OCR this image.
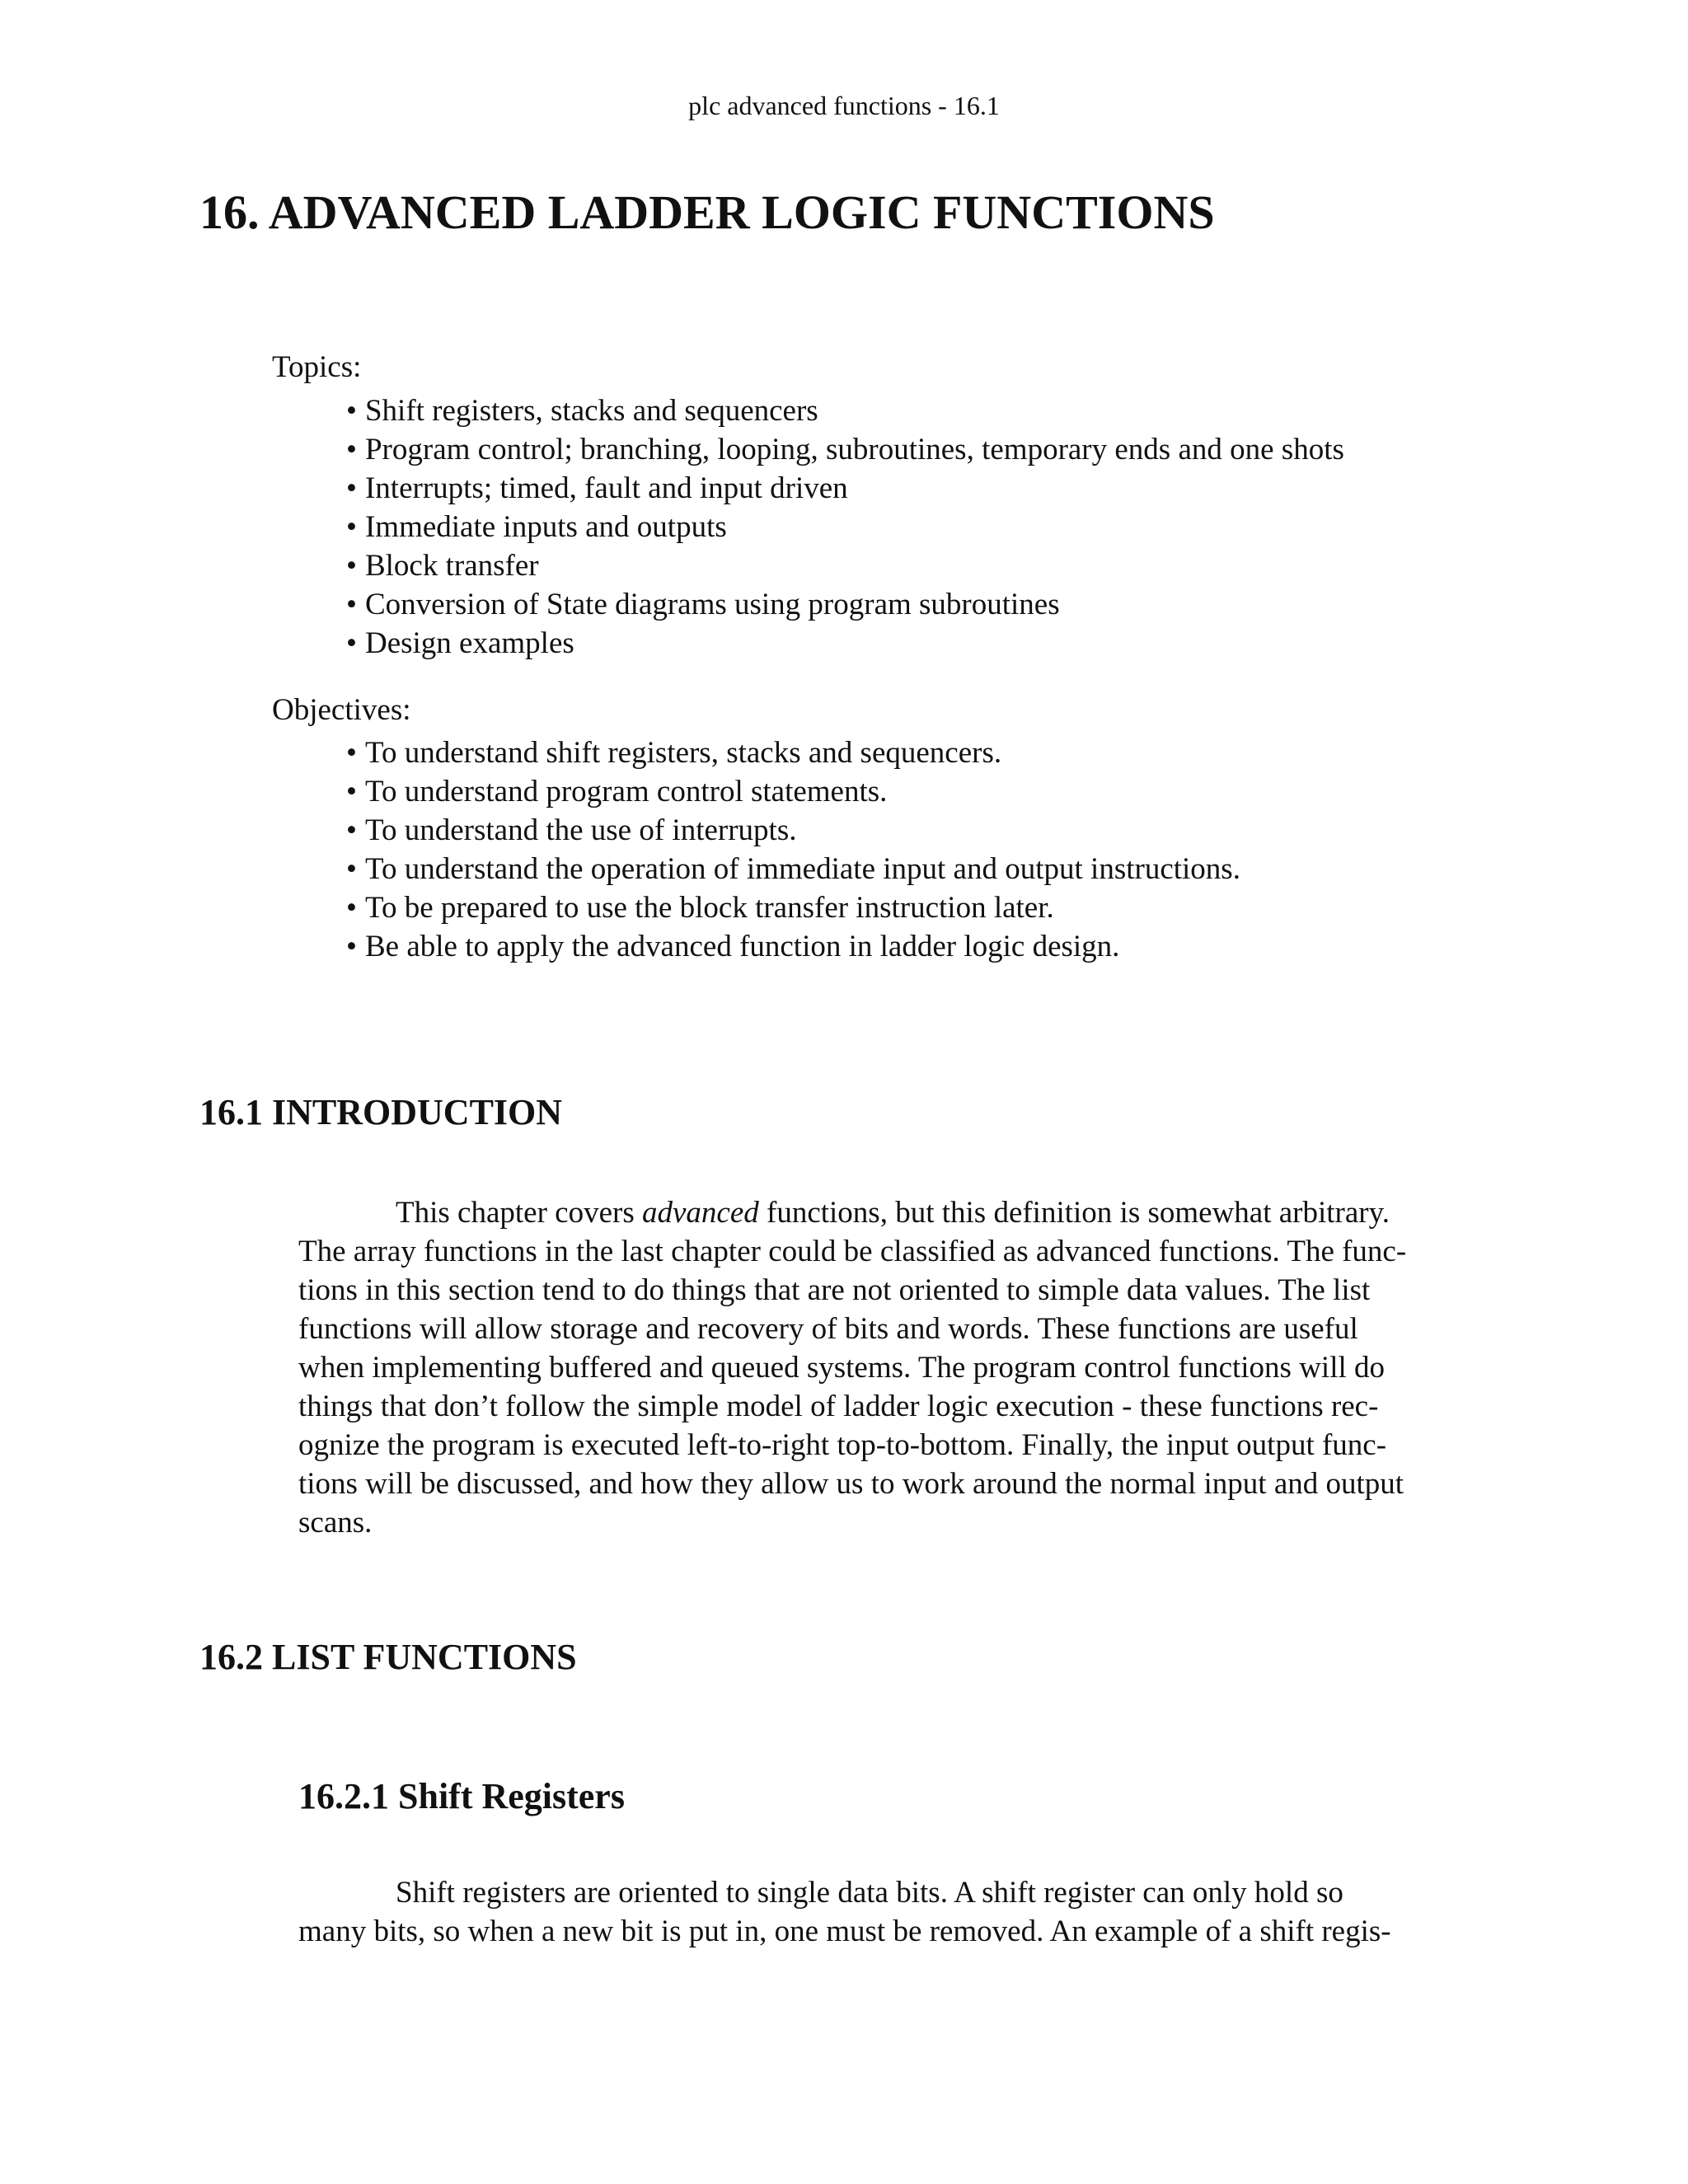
plc advanced functions - 16.1
16. ADVANCED LADDER LOGIC FUNCTIONS

Topics:

• Shift registers, stacks and sequencers
• Program control; branching, looping, subroutines, temporary ends and one shots
• Interrupts; timed, fault and input driven
• Immediate inputs and outputs
• Block transfer
• Conversion of State diagrams using program subroutines
• Design examples

Objectives:

• To understand shift registers, stacks and sequencers.
• To understand program control statements.
• To understand the use of interrupts.
• To understand the operation of immediate input and output instructions.
• To be prepared to use the block transfer instruction later.
• Be able to apply the advanced function in ladder logic design.
16.1 INTRODUCTION

This chapter covers advanced functions, but this definition is somewhat arbitrary.

The array functions in the last chapter could be classified as advanced functions. The func-

tions in this section tend to do things that are not oriented to simple data values. The list

functions will allow storage and recovery of bits and words. These functions are useful

when implementing buffered and queued systems. The program control functions will do

things that don’t follow the simple model of ladder logic execution - these functions rec-

ognize the program is executed left-to-right top-to-bottom. Finally, the input output func-

tions will be discussed, and how they allow us to work around the normal input and output

scans.

16.2 LIST FUNCTIONS
16.2.1 Shift Registers

Shift registers are oriented to single data bits. A shift register can only hold so

many bits, so when a new bit is put in, one must be removed. An example of a shift regis-
